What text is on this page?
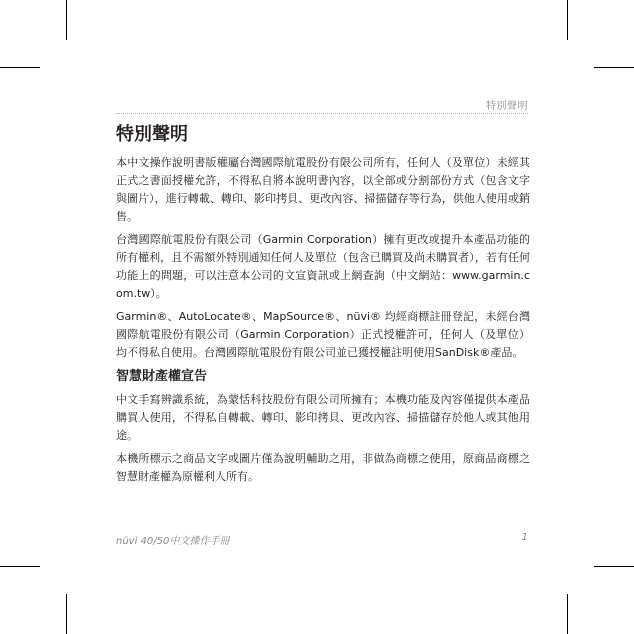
特別聲明
特別聲明

本中文操作說明書版權屬台灣國際航電股份有限公司所有，任何人（及單位）未經其正式之書面授權允許，不得私自將本說明書內容，以全部或分割部份方式（包含文字與圖片），進行轉載、轉印、影印拷貝、更改內容、掃描儲存等行為，供他人使用或銷售。

台灣國際航電股份有限公司（Garmin Corporation）擁有更改或提升本產品功能的所有權利，且不需額外特別通知任何人及單位（包含已購買及尚未購買者），若有任何功能上的問題，可以注意本公司的文宣資訊或上網查詢（中文網站：www.garmin.com.tw）。

Garmin®、AutoLocate®、MapSource®、nüvi® 均經商標註冊登記，未經台灣國際航電股份有限公司（Garmin Corporation）正式授權許可，任何人（及單位）均不得私自使用。台灣國際航電股份有限公司並已獲授權註明使用SanDisk®產品。

智慧財產權宣告

中文手寫辨識系統，為蒙恬科技股份有限公司所擁有；本機功能及內容僅提供本產品購買人使用，不得私自轉載、轉印、影印拷貝、更改內容、掃描儲存於他人或其他用途。

本機所標示之商品文字或圖片僅為說明輔助之用，非做為商標之使用，原商品商標之智慧財產權為原權利人所有。

nüvi 40/50中文操作手冊	1
